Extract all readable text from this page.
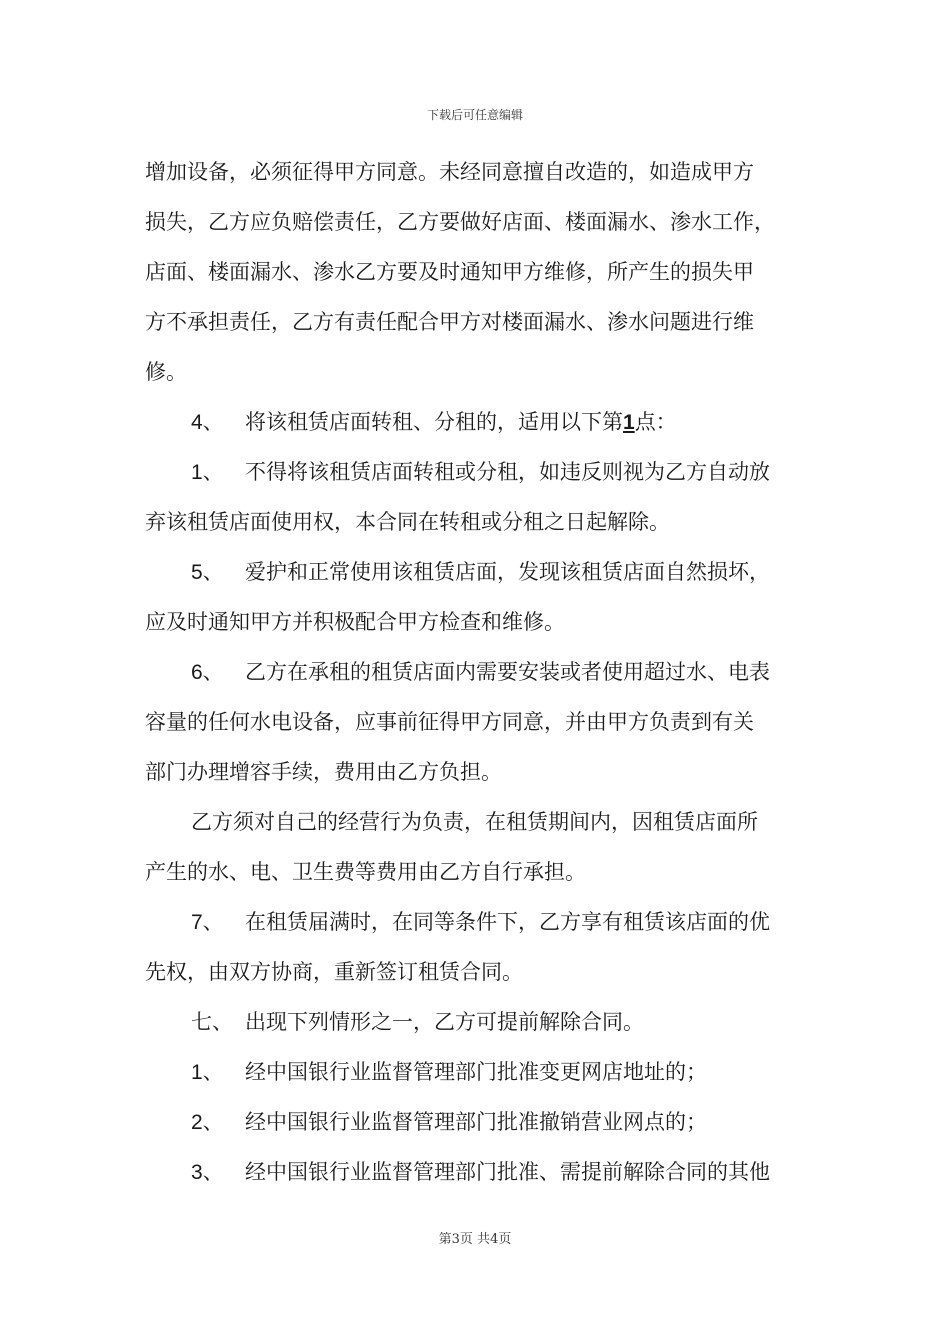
下载后可任意编辑
增加设备，必须征得甲方同意。未经同意擅自改造的，如造成甲方
损失，乙方应负赔偿责任，乙方要做好店面、楼面漏水、渗水工作，
店面、楼面漏水、渗水乙方要及时通知甲方维修，所产生的损失甲
方不承担责任，乙方有责任配合甲方对楼面漏水、渗水问题进行维
修。
4、 将该租赁店面转租、分租的，适用以下第1点：
1、 不得将该租赁店面转租或分租，如违反则视为乙方自动放
弃该租赁店面使用权，本合同在转租或分租之日起解除。
5、 爱护和正常使用该租赁店面，发现该租赁店面自然损坏，
应及时通知甲方并积极配合甲方检查和维修。
6、 乙方在承租的租赁店面内需要安装或者使用超过水、电表
容量的任何水电设备，应事前征得甲方同意，并由甲方负责到有关
部门办理增容手续，费用由乙方负担。
乙方须对自己的经营行为负责，在租赁期间内，因租赁店面所
产生的水、电、卫生费等费用由乙方自行承担。
7、 在租赁届满时，在同等条件下，乙方享有租赁该店面的优
先权，由双方协商，重新签订租赁合同。
七、 出现下列情形之一，乙方可提前解除合同。
1、 经中国银行业监督管理部门批准变更网店地址的；
2、 经中国银行业监督管理部门批准撤销营业网点的；
3、 经中国银行业监督管理部门批准、需提前解除合同的其他
第3页 共4页
